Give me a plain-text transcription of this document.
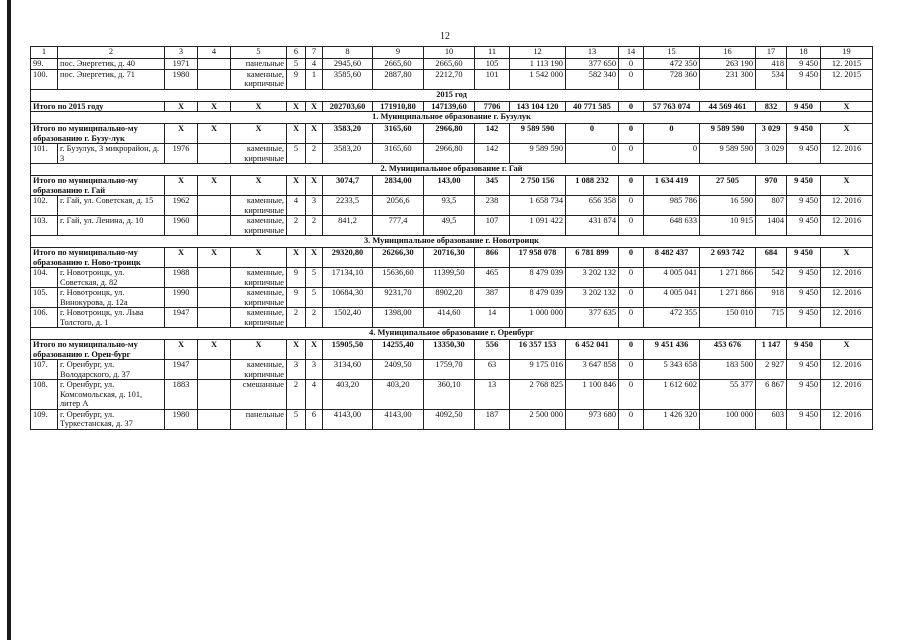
12
1	2	3	4	5	6	7	8	9	10	11	12	13	14	15	16	17	18	19
99.	пос. Энергетик, д. 40	1971		панельные	5	4	2945,60	2665,60	2665,60	105	1 113 190	377 650	0	472 350	263 190	418	9 450	12. 2015
100.	пос. Энергетик, д. 71	1980		каменные, кирпичные	9	1	3585,60	2887,80	2212,70	101	1 542 000	582 340	0	728 360	231 300	534	9 450	12. 2015
2015 год																		
Итого по 2015 году		X	X	X	X	X	202703,60	171910,80	147139,60	7706	143 104 120	40 771 585	0	57 763 074	44 569 461	832	9 450	X
1. Муниципальное образование г. Бузулук																		
Итого по муниципально-му образованию г. Бузу-лук		X	X	X	X	X	3583,20	3165,60	2966,80	142	9 589 590	0	0	0	9 589 590	3 029	9 450	X
101.	г. Бузулук, 3 микрорайон, д. 3	1976		каменные, кирпичные	5	2	3583,20	3165,60	2966,80	142	9 589 590	0	0	0	9 589 590	3 029	9 450	12. 2016
2. Муниципальное образование г. Гай																		
Итого по муниципально-му образованию г. Гай		X	X	X	X	X	3074,7	2834,00	143,00	345	2 750 156	1 088 232	0	1 634 419	27 505	970	9 450	X
102.	г. Гай, ул. Советская, д. 15	1962		каменные, кирпичные	4	3	2233,5	2056,6	93,5	238	1 658 734	656 358	0	985 786	16 590	807	9 450	12. 2016
103.	г. Гай, ул. Ленина, д. 10	1960		каменные, кирпичные	2	2	841,2	777,4	49,5	107	1 091 422	431 874	0	648 633	10 915	1404	9 450	12. 2016
3. Муниципальное образование г. Новотроицк																		
Итого по муниципально-му образованию г. Ново-троицк		X	X	X	X	X	29320,80	26266,30	20716,30	866	17 958 078	6 781 899	0	8 482 437	2 693 742	684	9 450	X
104.	г. Новотроицк, ул. Советская, д. 82	1988		каменные, кирпичные	9	5	17134,10	15636,60	11399,50	465	8 479 039	3 202 132	0	4 005 041	1 271 866	542	9 450	12. 2016
105.	г. Новотроицк, ул. Винокурова, д. 12а	1990		каменные, кирпичные	9	5	10684,30	9231,70	8902,20	387	8 479 039	3 202 132	0	4 005 041	1 271 866	918	9 450	12. 2016
106.	г. Новотроицк, ул. Льва Толстого, д. 1	1947		каменные, кирпичные	2	2	1502,40	1398,00	414,60	14	1 000 000	377 635	0	472 355	150 010	715	9 450	12. 2016
4. Муниципальное образование г. Оренбург																		
Итого по муниципально-му образованию г. Орен-бург		X	X	X	X	X	15905,50	14255,40	13350,30	556	16 357 153	6 452 041	0	9 451 436	453 676	1 147	9 450	X
107.	г. Оренбург, ул. Володарского, д. 37	1947		каменные, кирпичные	3	3	3134,60	2409,50	1759,70	63	9 175 016	3 647 858	0	5 343 658	183 500	2 927	9 450	12. 2016
108.	г. Оренбург, ул. Комсомольская, д. 101, литер А	1883		смешанные	2	4	403,20	403,20	360,10	13	2 768 825	1 100 846	0	1 612 602	55 377	6 867	9 450	12. 2016
109.	г. Оренбург, ул. Туркестанская, д. 37	1980		панельные	5	6	4143,00	4143,00	4092,50	187	2 500 000	973 680	0	1 426 320	100 000	603	9 450	12. 2016
